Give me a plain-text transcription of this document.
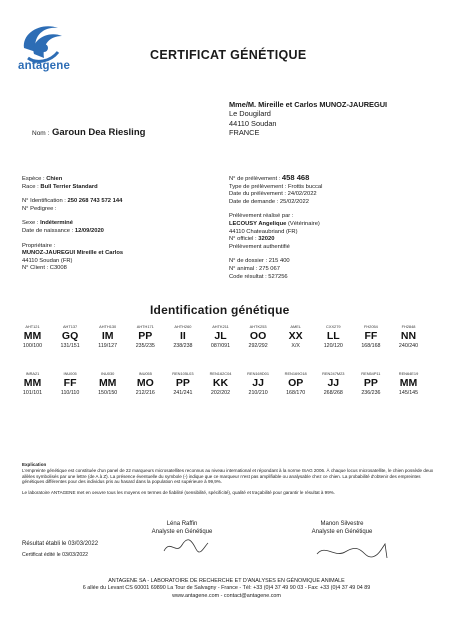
antagene
CERTIFICAT GÉNÉTIQUE
Mme/M. Mireille et Carlos MUNOZ-JAUREGUI
Le Dougilard
44110 Soudan
FRANCE
Nom : Garoun Dea Riesling
Espèce : Chien
Race : Bull Terrier Standard
N° Identification : 250 268 743 572 144
N° Pedigree :
Sexe : Indéterminé
Date de naissance : 12/09/2020
Propriétaire :
MUNOZ-JAUREGUI Mireille et Carlos
44110 Soudan (FR)
N° Client : C3008
N° de prélèvement : 458 468
Type de prélèvement : Frottis buccal
Date du prélèvement : 24/02/2022
Date de demande : 25/02/2022
Prélèvement réalisé par :
LECOUSY Angelique (Vétérinaire)
44110 Chateaubriand (FR)
N° officiel : 32020
Prélèvement authentifié
N° de dossier : 215 400
N° animal : 275 067
Code résultat : 527256
Identification génétique
AHT121
MM
100/100
AHT137
GQ
131/151
AHTH130
IM
119/127
AHTH171
PP
235/235
AHTH260
II
238/238
AHTK211
JL
087/091
AHTK253
OO
292/292
AMEL
XX
X/X
CXX279
LL
120/120
FH2054
FF
168/168
FH2848
NN
240/240
INRA21
MM
101/101
INU005
FF
110/110
INU030
MM
150/150
INU055
MO
212/216
REN105L03
PP
241/241
REN162C04
KK
202/202
REN169D01
JJ
210/210
REN169O18
OP
168/170
REN247M23
JJ
268/268
REN54P11
PP
236/236
REN64E19
MM
145/145
Léna Raffin
Analyste en Génétique
Manon Silvestre
Analyste en Génétique
Résultat établi le 03/03/2022
Certificat édité le 03/03/2022
Explication
L'empreinte génétique est constituée d'un panel de 22 marqueurs microsatellites reconnus au niveau international et répondant à la norme ISAG 2006. À chaque locus microsatellite, le chien possède deux allèles symbolisés par une lettre (de A à Z). La présence éventuelle du symbole (-) indique que ce marqueur n'est pas amplifiable ou analysable chez ce chien. La probabilité d'obtenir des empreintes génétiques différentes pour des individus pris au hasard dans la population est supérieure à 99,9%.
Le laboratoire ANTAGENE met en oeuvre tous les moyens en termes de fiabilité (sensibilité, spécificité), qualité et traçabilité pour garantir le résultat à 99%.
ANTAGENE SA - LABORATOIRE DE RECHERCHE ET D'ANALYSES EN GÉNOMIQUE ANIMALE
6 allée du Levant CS 60001 69890 La Tour de Salvagny - France - Tél: +33 (0)4 37 49 90 03 - Fax: +33 (0)4 37 49 04 89
www.antagene.com - contact@antagene.com
